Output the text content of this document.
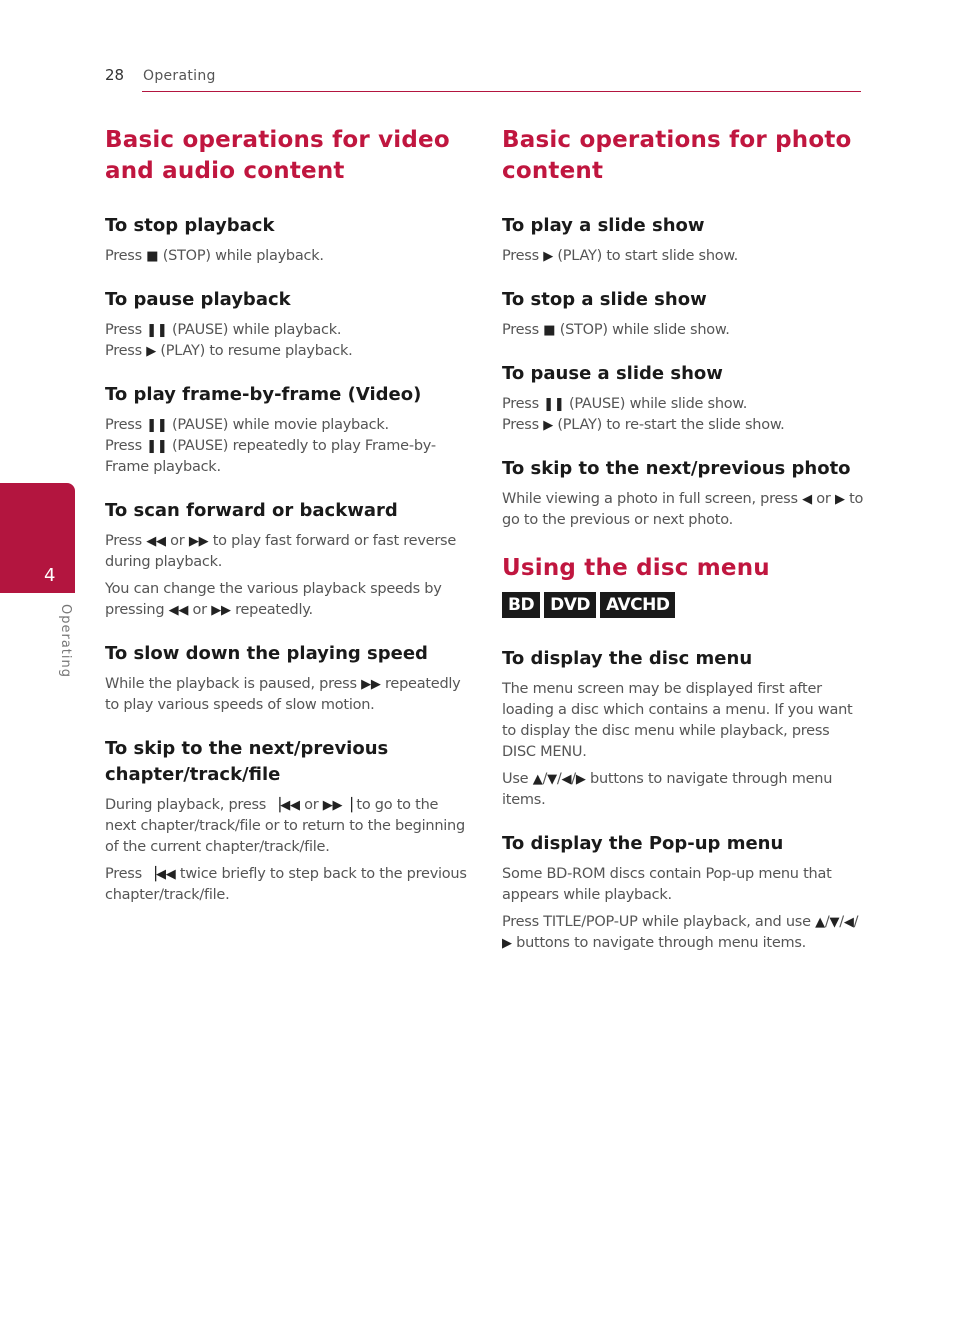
28 Operating
4
Operating
Basic operations for video and audio content
To stop playback

Press ■ (STOP) while playback.

To pause playback

Press ❚❚ (PAUSE) while playback.
Press ▶ (PLAY) to resume playback.

To play frame-by-frame (Video)

Press ❚❚ (PAUSE) while movie playback.
Press ❚❚ (PAUSE) repeatedly to play Frame-by-Frame playback.

To scan forward or backward

Press ◀◀ or ▶▶ to play fast forward or fast reverse during playback.

You can change the various playback speeds by pressing ◀◀ or ▶▶ repeatedly.

To slow down the playing speed

While the playback is paused, press ▶▶ repeatedly to play various speeds of slow motion.

To skip to the next/previous chapter/track/file

During playback, press ▕◀◀ or ▶▶▕ to go to the next chapter/track/file or to return to the beginning of the current chapter/track/file.

Press ▕◀◀ twice briefly to step back to the previous chapter/track/file.

Basic operations for photo content
To play a slide show

Press ▶ (PLAY) to start slide show.

To stop a slide show

Press ■ (STOP) while slide show.

To pause a slide show

Press ❚❚ (PAUSE) while slide show.
Press ▶ (PLAY) to re-start the slide show.

To skip to the next/previous photo

While viewing a photo in full screen, press ◀ or ▶ to go to the previous or next photo.

Using the disc menu
BD DVD AVCHD
To display the disc menu

The menu screen may be displayed first after loading a disc which contains a menu. If you want to display the disc menu while playback, press DISC MENU.

Use ▲/▼/◀/▶ buttons to navigate through menu items.

To display the Pop-up menu

Some BD-ROM discs contain Pop-up menu that appears while playback.

Press TITLE/POP-UP while playback, and use ▲/▼/◀/▶ buttons to navigate through menu items.
